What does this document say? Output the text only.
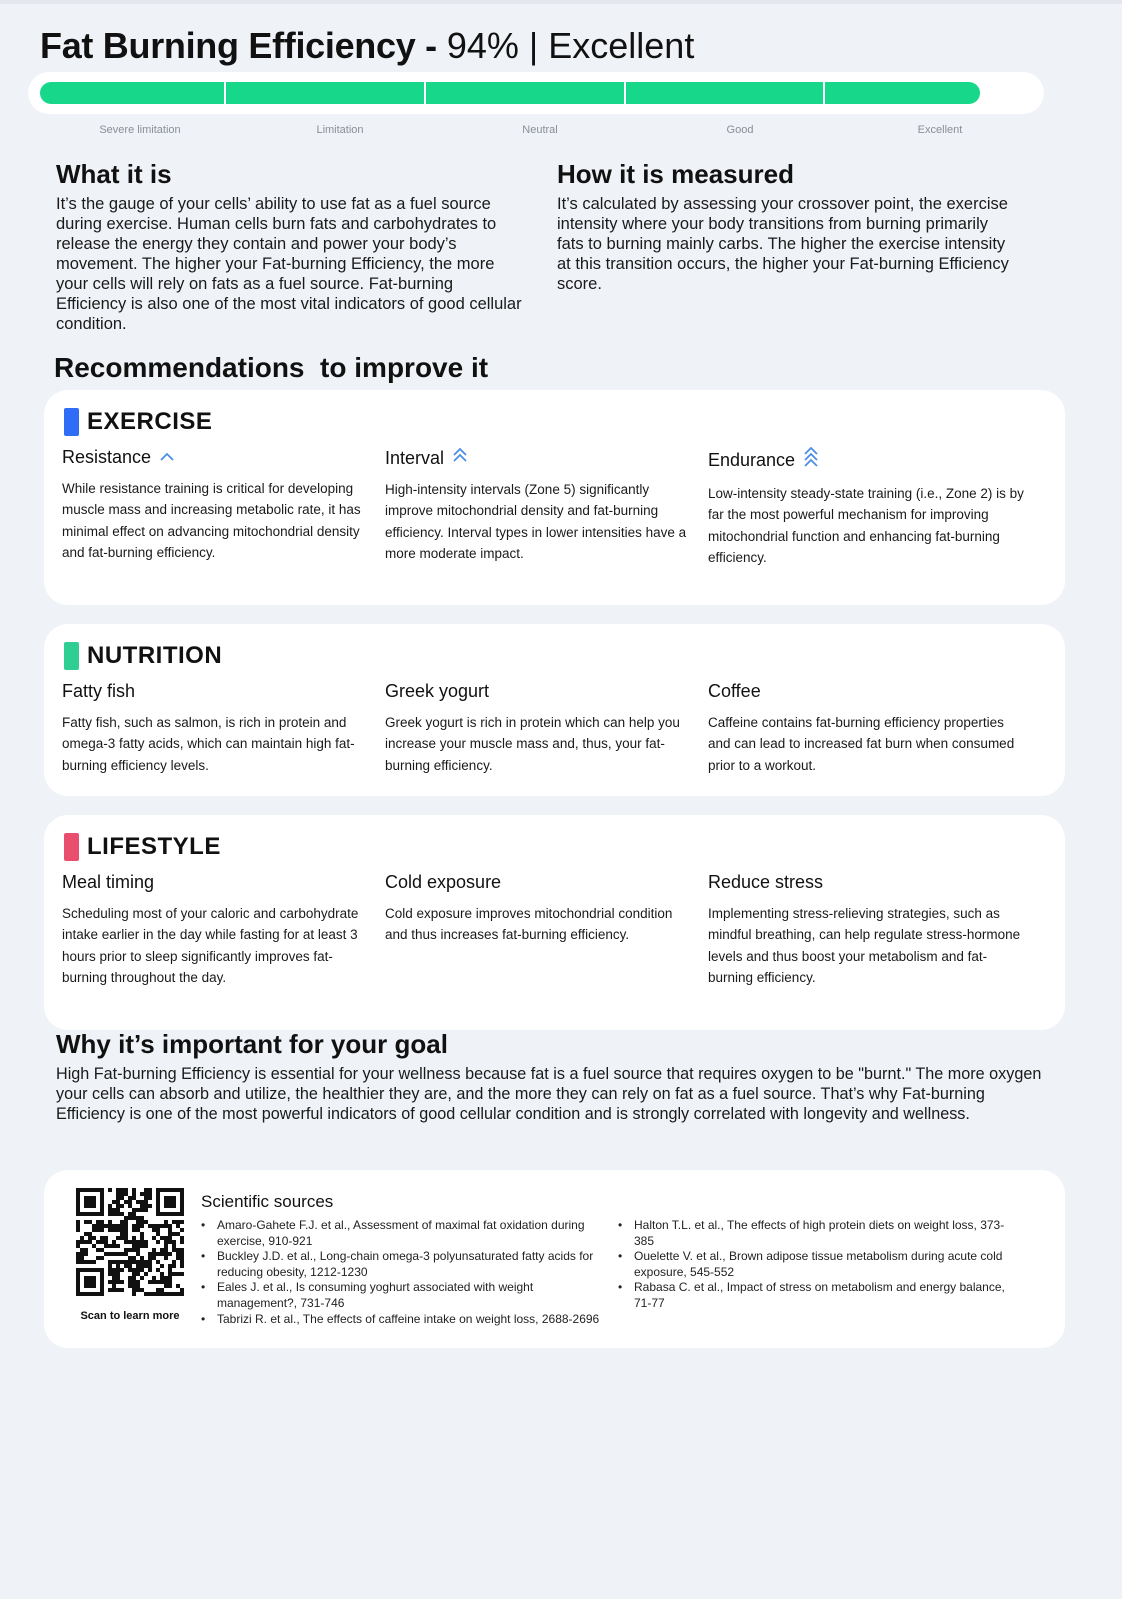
Fat Burning Efficiency - 94% | Excellent
Severe limitation	Limitation	Neutral	Good	Excellent
What it is

It’s the gauge of your cells’ ability to use fat as a fuel source during exercise. Human cells burn fats and carbohydrates to release the energy they contain and power your body’s movement. The higher your Fat-burning Efficiency, the more your cells will rely on fats as a fuel source. Fat-burning Efficiency is also one of the most vital indicators of good cellular condition.

How it is measured

It’s calculated by assessing your crossover point, the exercise intensity where your body transitions from burning primarily fats to burning mainly carbs. The higher the exercise intensity at this transition occurs, the higher your Fat-burning Efficiency score.

Recommendations  to improve it
EXERCISE
Resistance

While resistance training is critical for developing muscle mass and increasing metabolic rate, it has minimal effect on advancing mitochondrial density and fat-burning efficiency.

Interval

High-intensity intervals (Zone 5) significantly improve mitochondrial density and fat-burning efficiency. Interval types in lower intensities have a more moderate impact.

Endurance

Low-intensity steady-state training (i.e., Zone 2) is by far the most powerful mechanism for improving mitochondrial function and enhancing fat-burning efficiency.

NUTRITION
Fatty fish

Fatty fish, such as salmon, is rich in protein and omega-3 fatty acids, which can maintain high fat-burning efficiency levels.

Greek yogurt

Greek yogurt is rich in protein which can help you increase your muscle mass and, thus, your fat-burning efficiency.

Coffee

Caffeine contains fat-burning efficiency properties and can lead to increased fat burn when consumed prior to a workout.

LIFESTYLE
Meal timing

Scheduling most of your caloric and carbohydrate intake earlier in the day while fasting for at least 3 hours prior to sleep significantly improves fat-burning throughout the day.

Cold exposure

Cold exposure improves mitochondrial condition and thus increases fat-burning efficiency.

Reduce stress

Implementing stress-relieving strategies, such as mindful breathing, can help regulate stress-hormone levels and thus boost your metabolism and fat-burning efficiency.

Why it’s important for your goal

High Fat-burning Efficiency is essential for your wellness because fat is a fuel source that requires oxygen to be "burnt." The more oxygen your cells can absorb and utilize, the healthier they are, and the more they can rely on fat as a fuel source. That’s why Fat-burning Efficiency is one of the most powerful indicators of good cellular condition and is strongly correlated with longevity and wellness.

Scan to learn more
Scientific sources
• Amaro-Gahete F.J. et al., Assessment of maximal fat oxidation during exercise, 910-921
• Buckley J.D. et al., Long-chain omega-3 polyunsaturated fatty acids for reducing obesity, 1212-1230
• Eales J. et al., Is consuming yoghurt associated with weight management?, 731-746
• Tabrizi R. et al., The effects of caffeine intake on weight loss, 2688-2696
• Halton T.L. et al., The effects of high protein diets on weight loss, 373-385
• Ouelette V. et al., Brown adipose tissue metabolism during acute cold exposure, 545-552
• Rabasa C. et al., Impact of stress on metabolism and energy balance, 71-77
